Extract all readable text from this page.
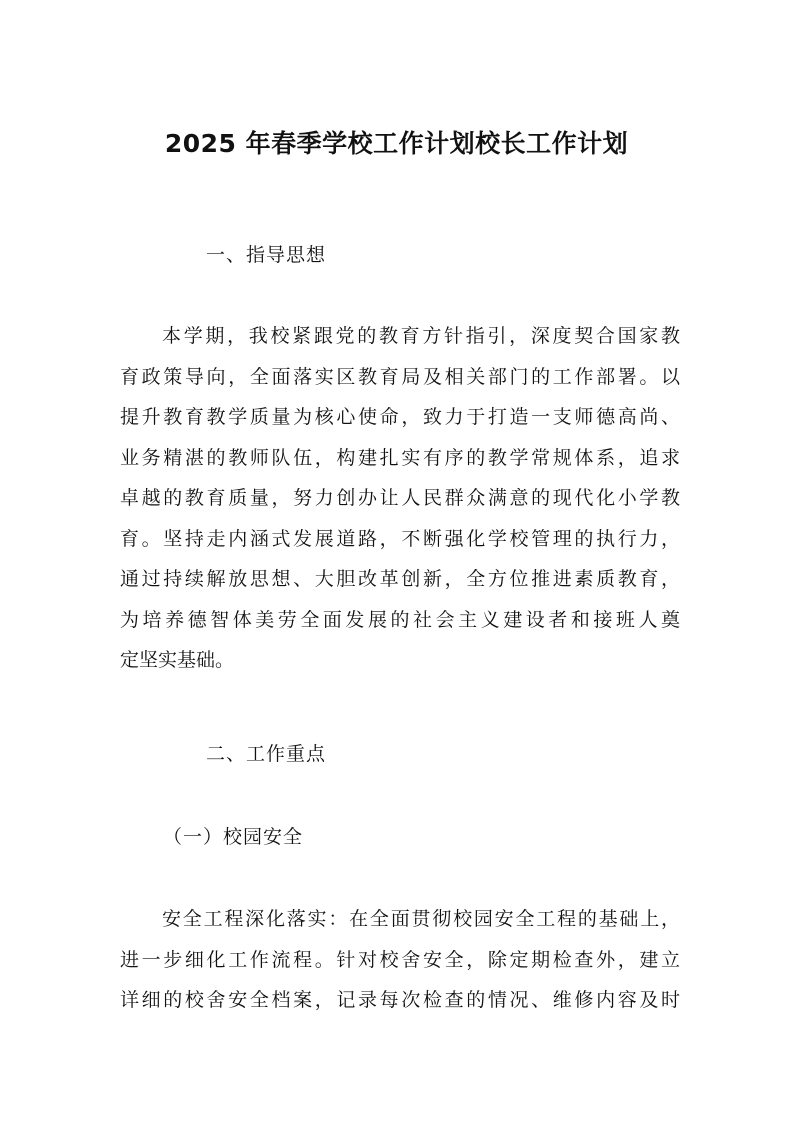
2025 年春季学校工作计划校长工作计划
一、指导思想
本学期，我校紧跟党的教育方针指引，深度契合国家教
育政策导向，全面落实区教育局及相关部门的工作部署。以
提升教育教学质量为核心使命，致力于打造一支师德高尚、
业务精湛的教师队伍，构建扎实有序的教学常规体系，追求
卓越的教育质量，努力创办让人民群众满意的现代化小学教
育。坚持走内涵式发展道路，不断强化学校管理的执行力，
通过持续解放思想、大胆改革创新，全方位推进素质教育，
为培养德智体美劳全面发展的社会主义建设者和接班人奠
定坚实基础。
二、工作重点
（一）校园安全
安全工程深化落实：在全面贯彻校园安全工程的基础上，
进一步细化工作流程。针对校舍安全，除定期检查外，建立
详细的校舍安全档案，记录每次检查的情况、维修内容及时
